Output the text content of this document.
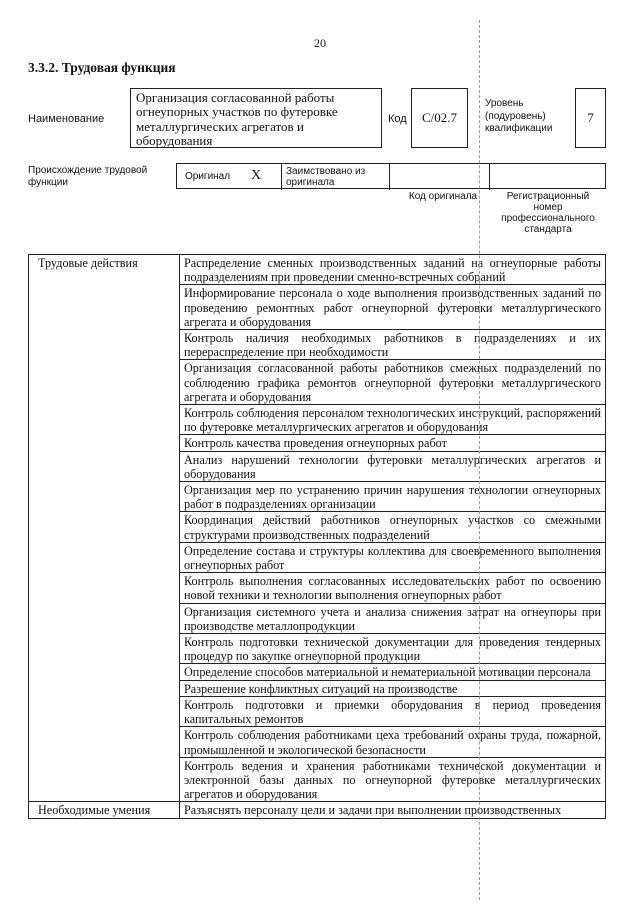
20
3.3.2. Трудовая функция
Наименование
Организация согласованной работы огнеупорных участков по футеровке металлургических агрегатов и оборудования
Код С/02.7
Уровень (подуровень) квалификации
7
Происхождение трудовой функции
Оригинал	X	Заимствовано из оригинала
Код оригинала	Регистрационный номер профессионального стандарта
Трудовые действия	Распределение сменных производственных заданий на огнеупорные работы подразделениям при проведении сменно-встречных собраний
	Информирование персонала о ходе выполнения производственных заданий по проведению ремонтных работ огнеупорной футеровки металлургического агрегата и оборудования
	Контроль наличия необходимых работников в подразделениях и их перераспределение при необходимости
	Организация согласованной работы работников смежных подразделений по соблюдению графика ремонтов огнеупорной футеровки металлургического агрегата и оборудования
	Контроль соблюдения персоналом технологических инструкций, распоряжений по футеровке металлургических агрегатов и оборудования
	Контроль качества проведения огнеупорных работ
	Анализ нарушений технологии футеровки металлургических агрегатов и оборудования
	Организация мер по устранению причин нарушения технологии огнеупорных работ в подразделениях организации
	Координация действий работников огнеупорных участков со смежными структурами производственных подразделений
	Определение состава и структуры коллектива для своевременного выполнения огнеупорных работ
	Контроль выполнения согласованных исследовательских работ по освоению новой техники и технологии выполнения огнеупорных работ
	Организация системного учета и анализа снижения затрат на огнеупоры при производстве металлопродукции
	Контроль подготовки технической документации для проведения тендерных процедур по закупке огнеупорной продукции
	Определение способов материальной и нематериальной мотивации персонала
	Разрешение конфликтных ситуаций на производстве
	Контроль подготовки и приемки оборудования в период проведения капитальных ремонтов
	Контроль соблюдения работниками цеха требований охраны труда, пожарной, промышленной и экологической безопасности
	Контроль ведения и хранения работниками технической документации и электронной базы данных по огнеупорной футеровке металлургических агрегатов и оборудования
Необходимые умения	Разъяснять персоналу цели и задачи при выполнении производственных
